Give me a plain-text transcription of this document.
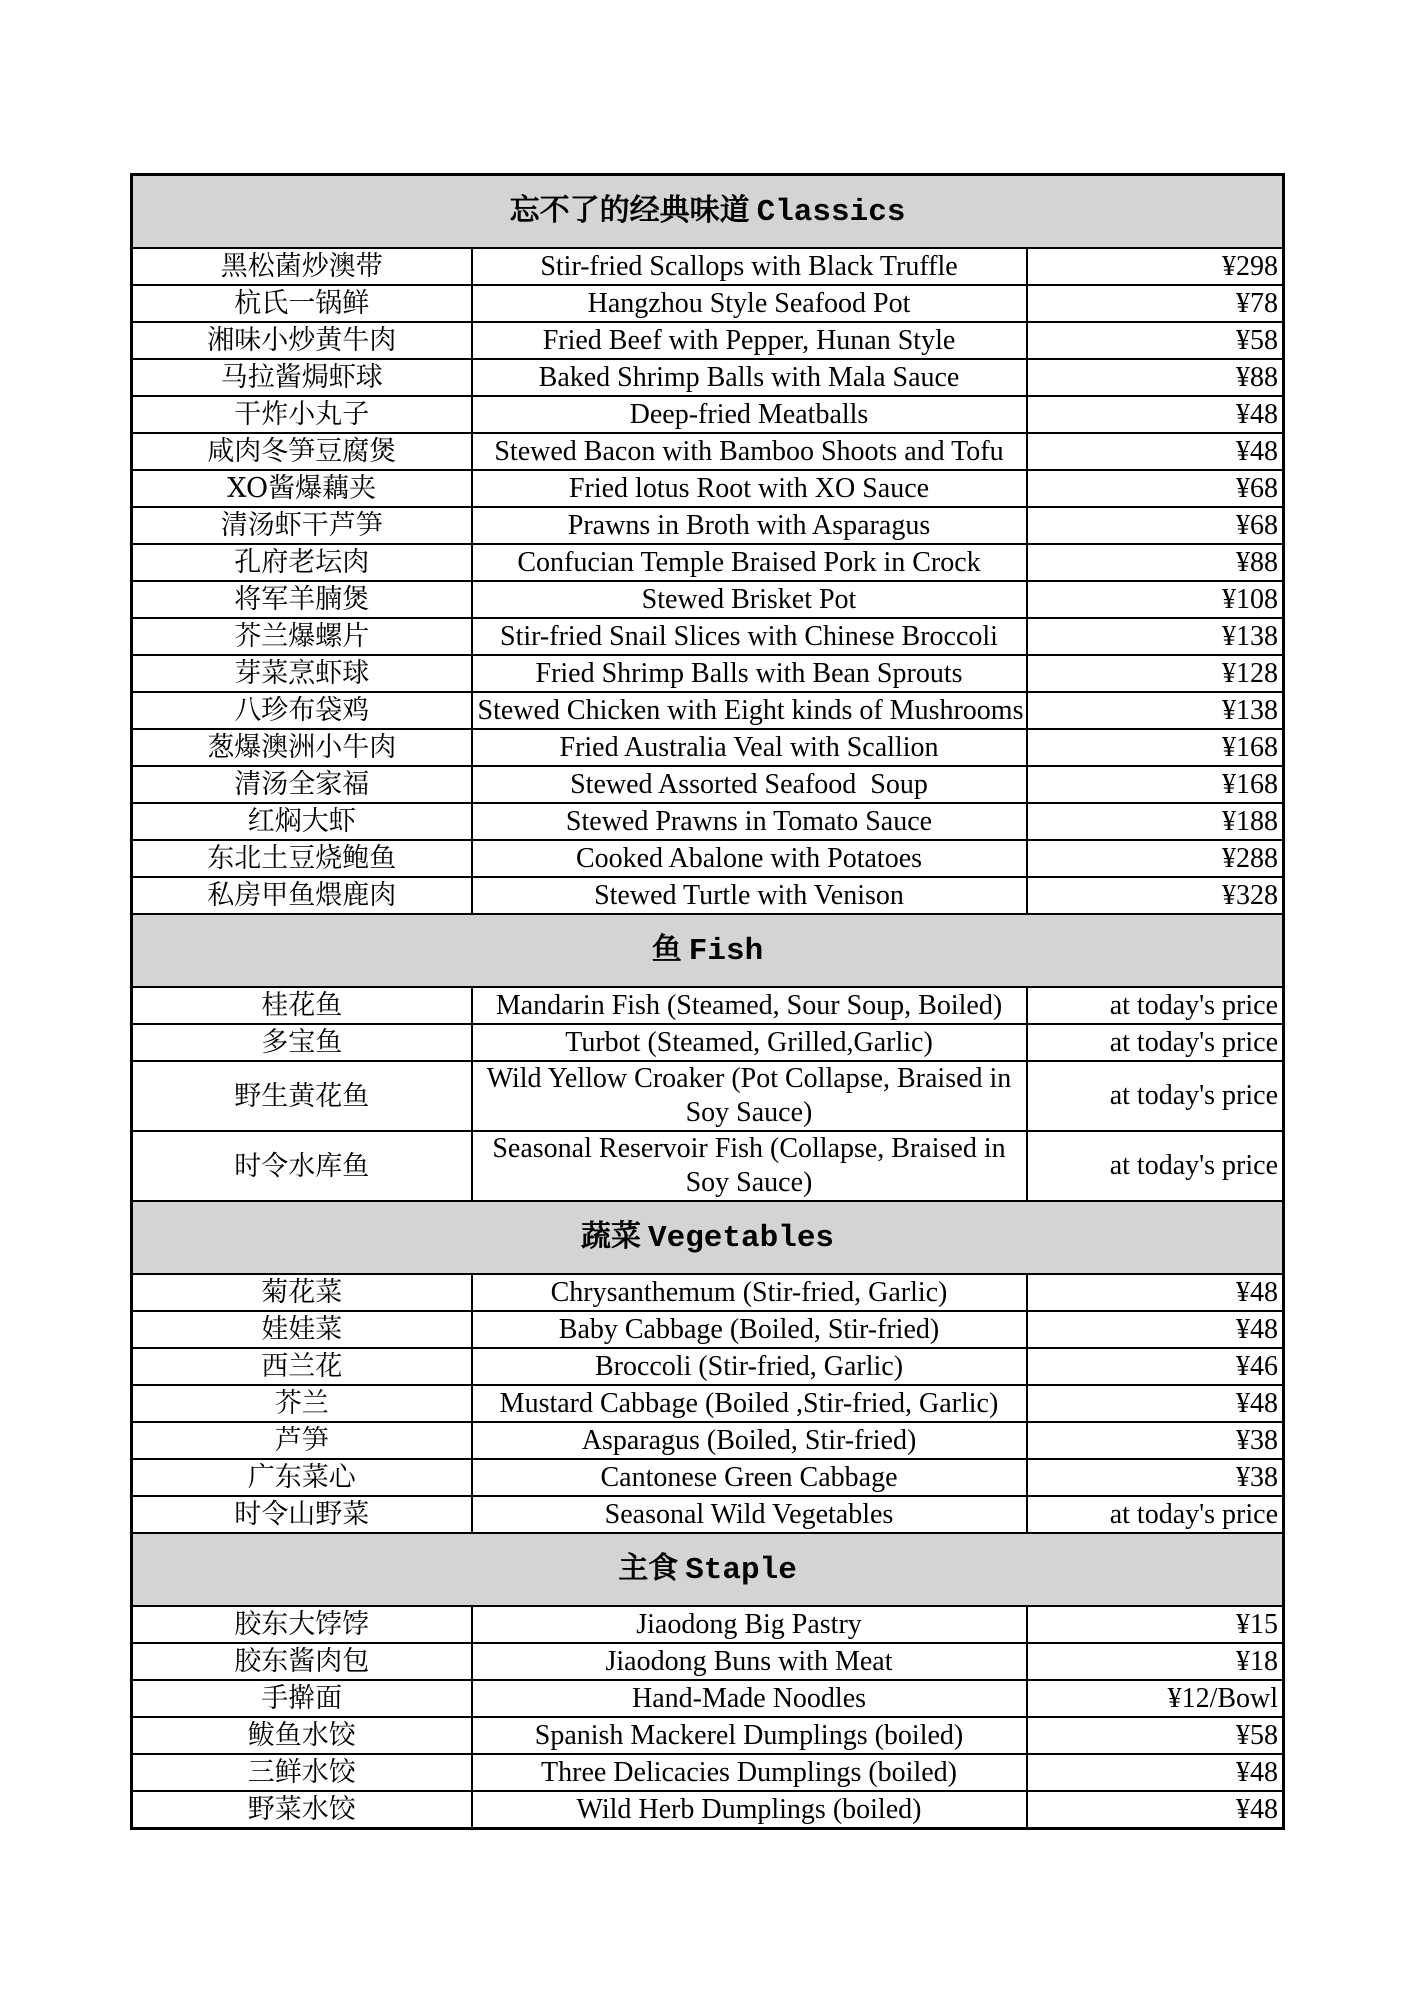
忘不了的经典味道 Classics		
黑松菌炒澳带	Stir-fried Scallops with Black Truffle	¥298
杭氏一锅鲜	Hangzhou Style Seafood Pot	¥78
湘味小炒黄牛肉	Fried Beef with Pepper, Hunan Style	¥58
马拉酱焗虾球	Baked Shrimp Balls with Mala Sauce	¥88
干炸小丸子	Deep-fried Meatballs	¥48
咸肉冬笋豆腐煲	Stewed Bacon with Bamboo Shoots and Tofu	¥48
XO酱爆藕夹	Fried lotus Root with XO Sauce	¥68
清汤虾干芦笋	Prawns in Broth with Asparagus	¥68
孔府老坛肉	Confucian Temple Braised Pork in Crock	¥88
将军羊腩煲	Stewed Brisket Pot	¥108
芥兰爆螺片	Stir-fried Snail Slices with Chinese Broccoli	¥138
芽菜烹虾球	Fried Shrimp Balls with Bean Sprouts	¥128
八珍布袋鸡	Stewed Chicken with Eight kinds of Mushrooms	¥138
葱爆澳洲小牛肉	Fried Australia Veal with Scallion	¥168
清汤全家福	Stewed Assorted Seafood  Soup	¥168
红焖大虾	Stewed Prawns in Tomato Sauce	¥188
东北土豆烧鲍鱼	Cooked Abalone with Potatoes	¥288
私房甲鱼煨鹿肉	Stewed Turtle with Venison	¥328
鱼 Fish		
桂花鱼	Mandarin Fish (Steamed, Sour Soup, Boiled)	at today's price
多宝鱼	Turbot (Steamed, Grilled,Garlic)	at today's price
野生黄花鱼	Wild Yellow Croaker (Pot Collapse, Braised in Soy Sauce)	at today's price
时令水库鱼	Seasonal Reservoir Fish (Collapse, Braised in Soy Sauce)	at today's price
蔬菜 Vegetables		
菊花菜	Chrysanthemum (Stir-fried, Garlic)	¥48
娃娃菜	Baby Cabbage (Boiled, Stir-fried)	¥48
西兰花	Broccoli (Stir-fried, Garlic)	¥46
芥兰	Mustard Cabbage (Boiled ,Stir-fried, Garlic)	¥48
芦笋	Asparagus (Boiled, Stir-fried)	¥38
广东菜心	Cantonese Green Cabbage	¥38
时令山野菜	Seasonal Wild Vegetables	at today's price
主食 Staple		
胶东大饽饽	Jiaodong Big Pastry	¥15
胶东酱肉包	Jiaodong Buns with Meat	¥18
手擀面	Hand-Made Noodles	¥12/Bowl
鲅鱼水饺	Spanish Mackerel Dumplings (boiled)	¥58
三鲜水饺	Three Delicacies Dumplings (boiled)	¥48
野菜水饺	Wild Herb Dumplings (boiled)	¥48
